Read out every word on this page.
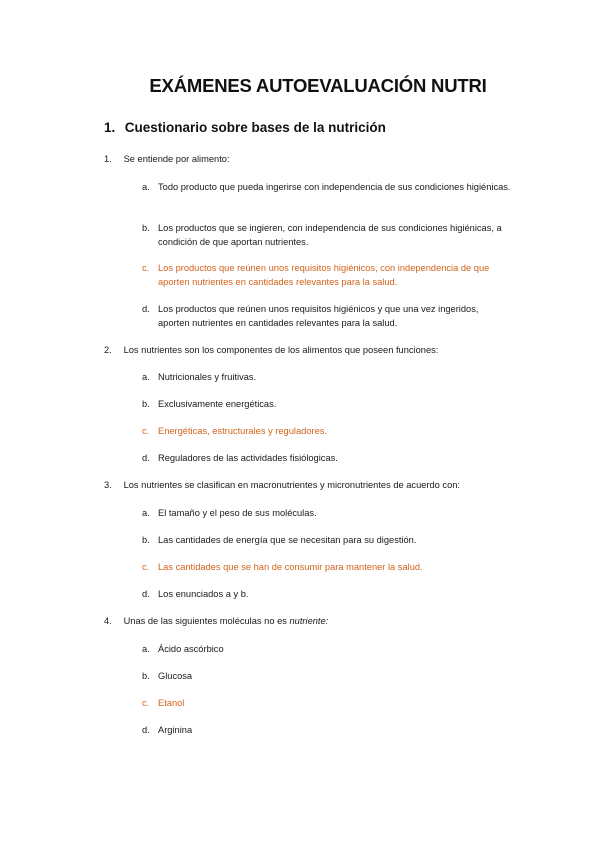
EXÁMENES AUTOEVALUACIÓN NUTRI
1. Cuestionario sobre bases de la nutrición
1. Se entiende por alimento:
a. Todo producto que pueda ingerirse con independencia de sus condiciones higiénicas.
b. Los productos que se ingieren, con independencia de sus condiciones higiénicas, a condición de que aportan nutrientes.
c. Los productos que reúnen unos requisitos higiénicos, con independencia de que aporten nutrientes en cantidades relevantes para la salud.
d. Los productos que reúnen unos requisitos higiénicos y que una vez ingeridos, aporten nutrientes en cantidades relevantes para la salud.
2. Los nutrientes son los componentes de los alimentos que poseen funciones:
a. Nutricionales y fruitivas.
b. Exclusivamente energéticas.
c. Energéticas, estructurales y reguladores.
d. Reguladores de las actividades fisiólogicas.
3. Los nutrientes se clasifican en macronutrientes y micronutrientes de acuerdo con:
a. El tamaño y el peso de sus moléculas.
b. Las cantidades de energía que se necesitan para su digestión.
c. Las cantidades que se han de consumir para mantener la salud.
d. Los enunciados a y b.
4. Unas de las siguientes moléculas no es nutriente:
a. Ácido ascórbico
b. Glucosa
c. Etanol
d. Arginina
